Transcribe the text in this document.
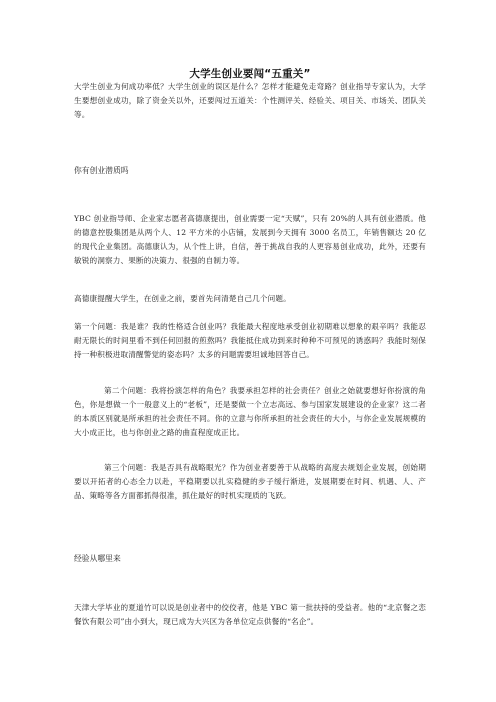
大学生创业要闯“五重关”

大学生创业为何成功率低？大学生创业的误区是什么？怎样才能避免走弯路？创业指导专家认为，大学生要想创业成功，除了资金关以外，还要闯过五道关：个性测评关、经验关、项目关、市场关、团队关等。

你有创业潜质吗

YBC 创业指导师、企业家志愿者高德康提出，创业需要一定“天赋”，只有 20%的人具有创业潜质。他的德意控股集团是从两个人、12 平方米的小店铺，发展到今天拥有 3000 名员工，年销售额达 20 亿的现代企业集团。高德康认为，从个性上讲，自信，善于挑战自我的人更容易创业成功，此外，还要有敏锐的洞察力、果断的决策力、很强的自制力等。

高德康提醒大学生，在创业之前，要首先问清楚自己几个问题。

第一个问题：我是谁？我的性格适合创业吗？我能最大程度地承受创业初期难以想象的艰辛吗？我能忍耐无限长的时间里看不到任何回报的煎熬吗？我能抵住成功到来时种种不可预见的诱惑吗？我能时刻保持一种积极进取清醒警觉的姿态吗？太多的问题需要坦诚地回答自己。

第二个问题：我将扮演怎样的角色？我要承担怎样的社会责任？创业之始就要想好你扮演的角色，你是想做一个一般意义上的“老板”，还是要做一个立志高远、参与国家发展建设的企业家？这二者的本质区别就是所承担的社会责任不同。你的立意与你所承担的社会责任的大小，与你企业发展规模的大小成正比，也与你创业之路的曲直程度成正比。

第三个问题：我是否具有战略眼光？作为创业者要善于从战略的高度去规划企业发展，创始期要以开拓者的心态全力以赴，平稳期要以扎实稳健的步子缓行渐进，发展期要在时间、机遇、人、产品、策略等各方面都抓得很准，抓住最好的时机实现质的飞跃。

经验从哪里来

天津大学毕业的夏道竹可以说是创业者中的佼佼者，他是 YBC 第一批扶持的受益者。他的“北京餐之恋餐饮有限公司”由小到大，现已成为大兴区为各单位定点供餐的“名企”。
